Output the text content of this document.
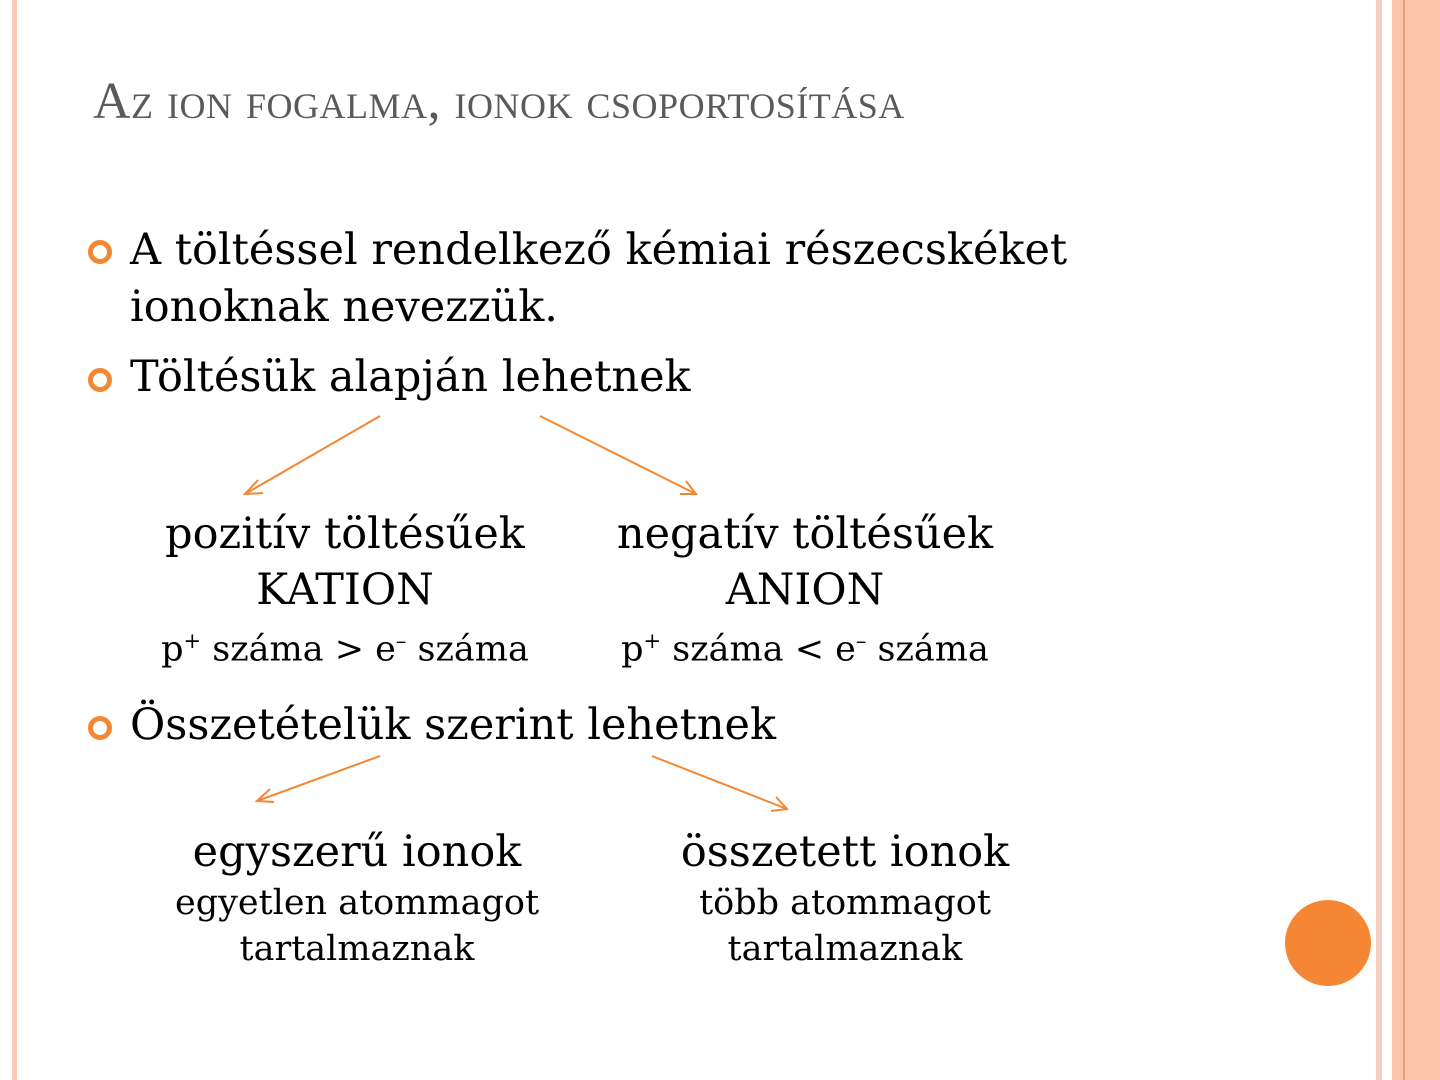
Az ion fogalma, ionok csoportosítása
A töltéssel rendelkező kémiai részecskéket
ionoknak nevezzük.
Töltésük alapján lehetnek
pozitív töltésűek
KATION
p+ száma > e– száma
negatív töltésűek
ANION
p+ száma < e– száma
Összetételük szerint lehetnek
egyszerű ionok
egyetlen atommagot
tartalmaznak
összetett ionok
több atommagot
tartalmaznak
